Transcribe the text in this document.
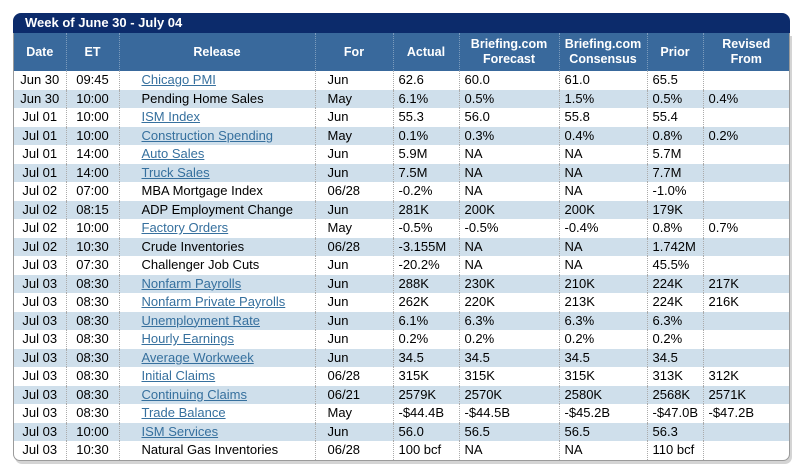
Week of June 30 - July 04
Date	ET	Release	For	Actual	Briefing.com Forecast	Briefing.com Consensus	Prior	Revised From
Jun 30	09:45	Chicago PMI	Jun	62.6	60.0	61.0	65.5	
Jun 30	10:00	Pending Home Sales	May	6.1%	0.5%	1.5%	0.5%	0.4%
Jul 01	10:00	ISM Index	Jun	55.3	56.0	55.8	55.4	
Jul 01	10:00	Construction Spending	May	0.1%	0.3%	0.4%	0.8%	0.2%
Jul 01	14:00	Auto Sales	Jun	5.9M	NA	NA	5.7M	
Jul 01	14:00	Truck Sales	Jun	7.5M	NA	NA	7.7M	
Jul 02	07:00	MBA Mortgage Index	06/28	-0.2%	NA	NA	-1.0%	
Jul 02	08:15	ADP Employment Change	Jun	281K	200K	200K	179K	
Jul 02	10:00	Factory Orders	May	-0.5%	-0.5%	-0.4%	0.8%	0.7%
Jul 02	10:30	Crude Inventories	06/28	-3.155M	NA	NA	1.742M	
Jul 03	07:30	Challenger Job Cuts	Jun	-20.2%	NA	NA	45.5%	
Jul 03	08:30	Nonfarm Payrolls	Jun	288K	230K	210K	224K	217K
Jul 03	08:30	Nonfarm Private Payrolls	Jun	262K	220K	213K	224K	216K
Jul 03	08:30	Unemployment Rate	Jun	6.1%	6.3%	6.3%	6.3%	
Jul 03	08:30	Hourly Earnings	Jun	0.2%	0.2%	0.2%	0.2%	
Jul 03	08:30	Average Workweek	Jun	34.5	34.5	34.5	34.5	
Jul 03	08:30	Initial Claims	06/28	315K	315K	315K	313K	312K
Jul 03	08:30	Continuing Claims	06/21	2579K	2570K	2580K	2568K	2571K
Jul 03	08:30	Trade Balance	May	-$44.4B	-$44.5B	-$45.2B	-$47.0B	-$47.2B
Jul 03	10:00	ISM Services	Jun	56.0	56.5	56.5	56.3	
Jul 03	10:30	Natural Gas Inventories	06/28	100 bcf	NA	NA	110 bcf	
